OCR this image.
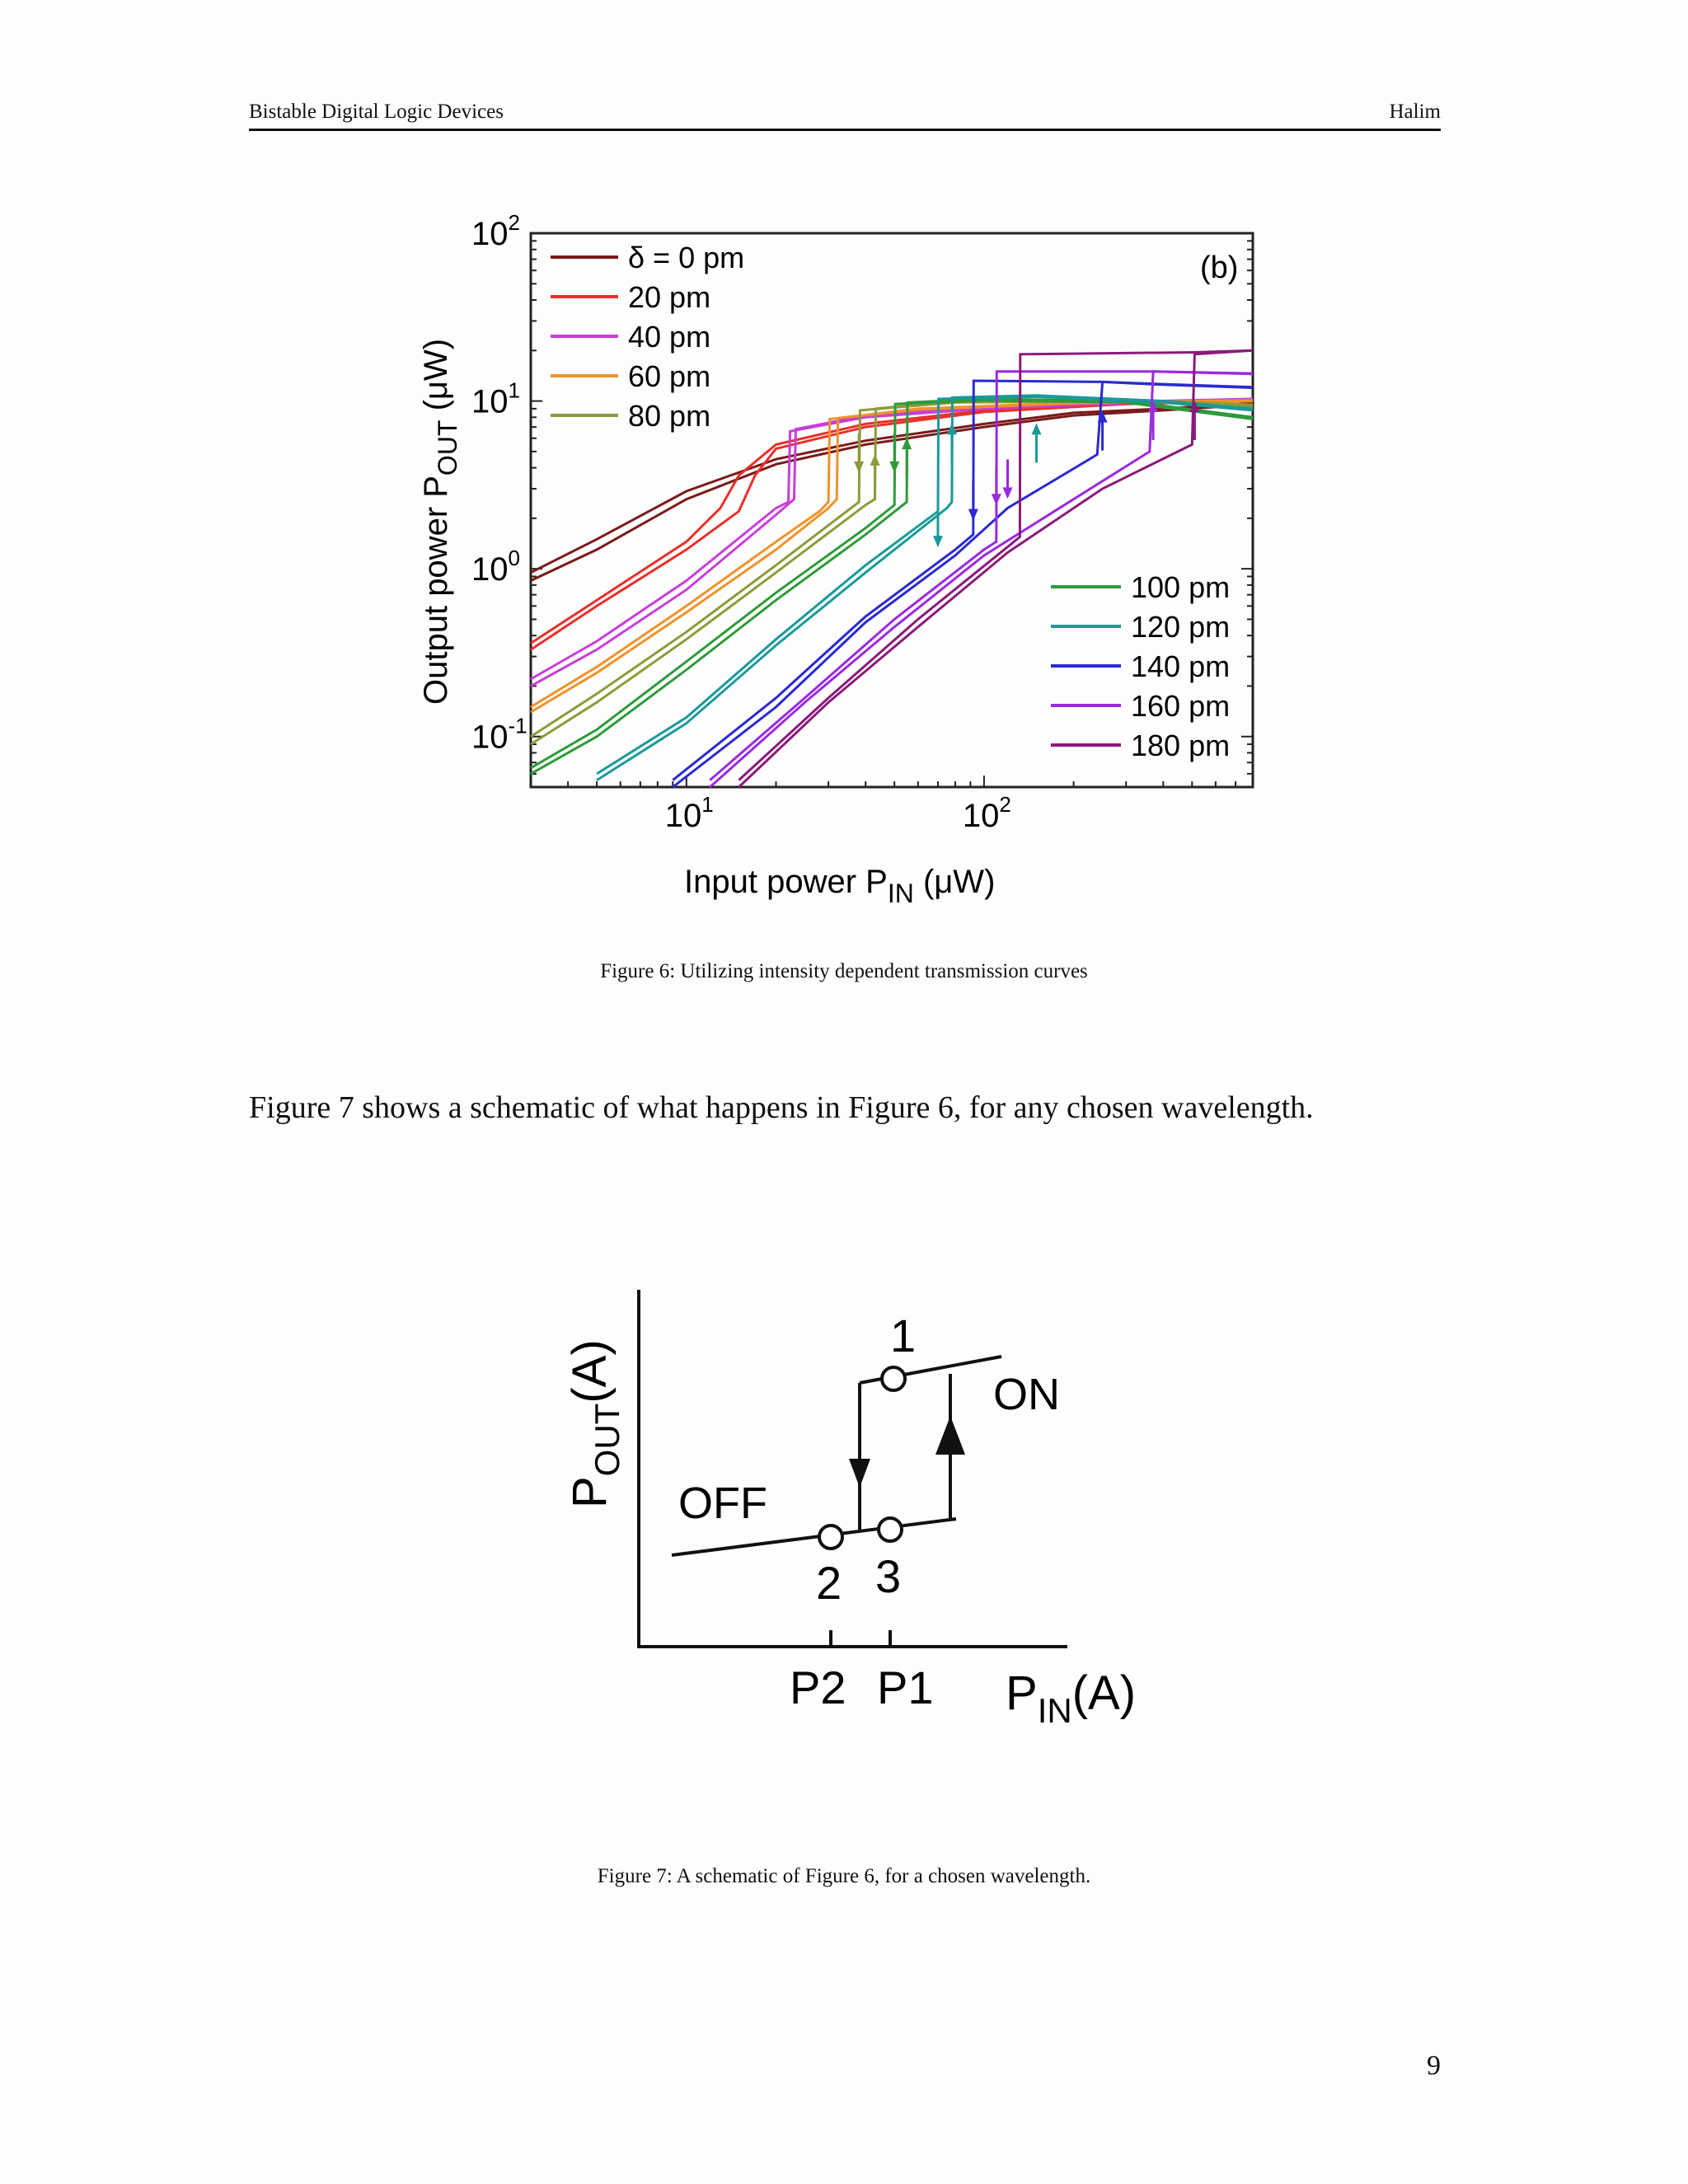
Bistable Digital Logic Devices	Halim
$10^1$	$10^2$
$10^{-1}$
$10^0$
$10^1$
$10^2$
(b)
δ = 0 pm
20 pm
40 pm
60 pm
80 pm
100 pm
120 pm
140 pm
160 pm
180 pm
Input power $P_{IN}$ (μW)
Output power $P_{OUT}$ (μW)
Figure 6: Utilizing intensity dependent transmission curves
Figure 7 shows a schematic of what happens in Figure 6, for any chosen wavelength.
1
2 3
OFF
ON
P2 P1 $P_{IN}(A)$
$P_{OUT}(A)$
Figure 7: A schematic of Figure 6, for a chosen wavelength.
9
